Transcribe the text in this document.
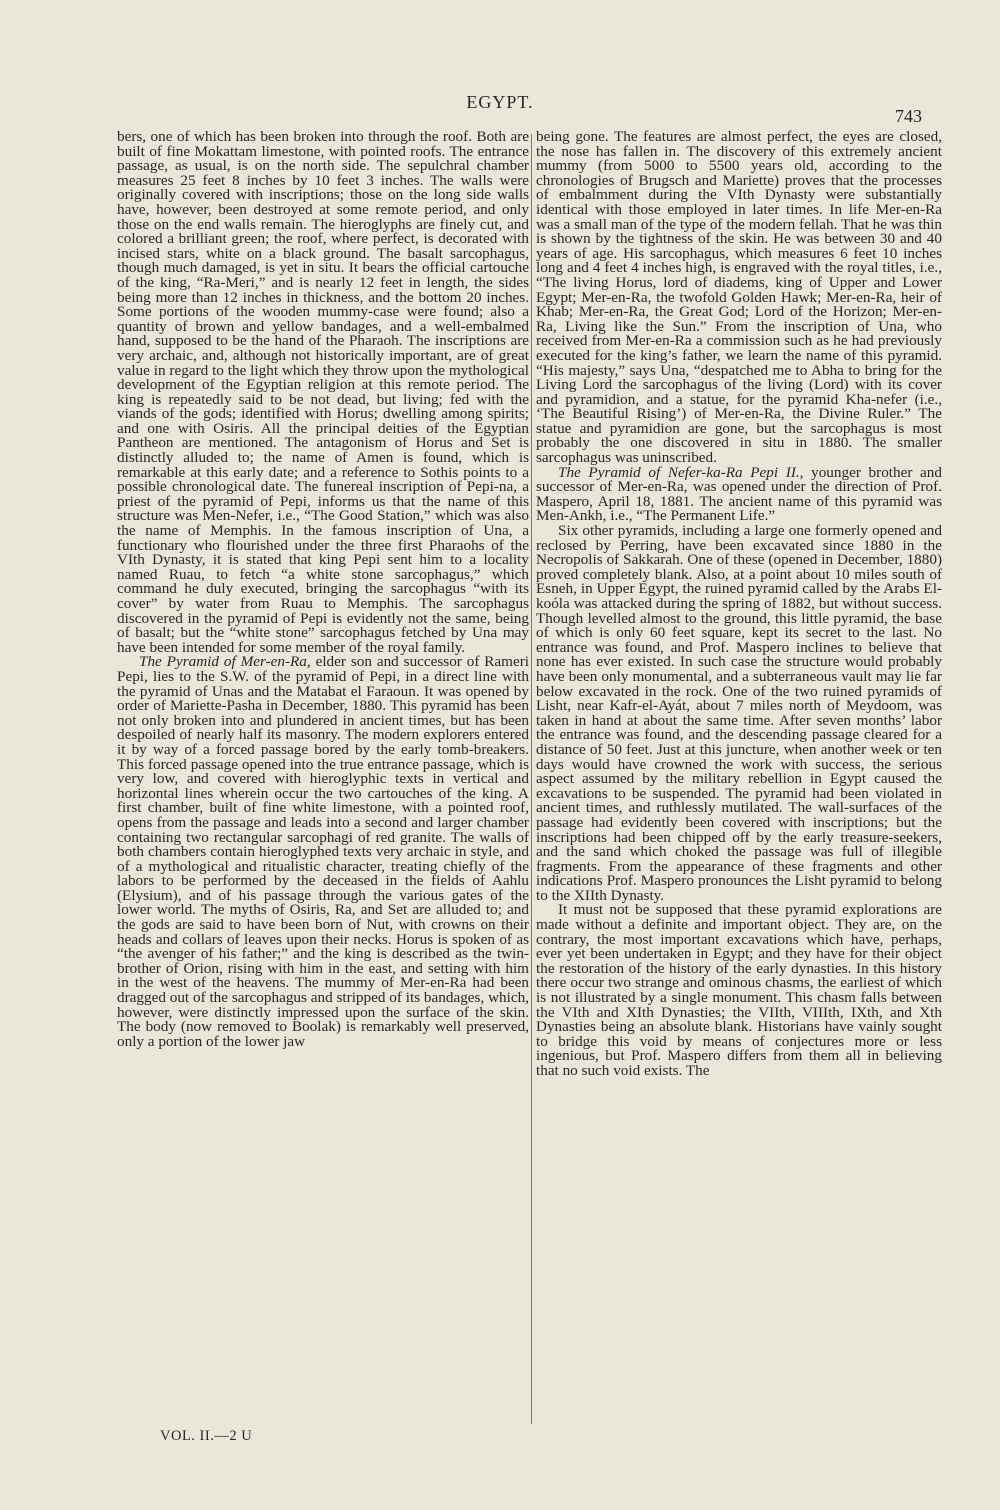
EGYPT.
743

bers, one of which has been broken into through the roof. Both are built of fine Mokattam limestone, with pointed roofs. The entrance passage, as usual, is on the north side. The sepulchral chamber measures 25 feet 8 inches by 10 feet 3 inches. The walls were originally covered with inscriptions; those on the long side walls have, however, been destroyed at some remote period, and only those on the end walls remain. The hieroglyphs are finely cut, and colored a brilliant green; the roof, where perfect, is decorated with incised stars, white on a black ground. The basalt sarcophagus, though much damaged, is yet in situ. It bears the official cartouche of the king, “Ra-Meri,” and is nearly 12 feet in length, the sides being more than 12 inches in thickness, and the bottom 20 inches. Some portions of the wooden mummy-case were found; also a quantity of brown and yellow bandages, and a well-embalmed hand, supposed to be the hand of the Pharaoh. The inscriptions are very archaic, and, although not historically important, are of great value in regard to the light which they throw upon the mythological development of the Egyptian religion at this remote period. The king is repeatedly said to be not dead, but living; fed with the viands of the gods; identified with Horus; dwelling among spirits; and one with Osiris. All the principal deities of the Egyptian Pantheon are mentioned. The antagonism of Horus and Set is distinctly alluded to; the name of Amen is found, which is remarkable at this early date; and a reference to Sothis points to a possible chronological date. The funereal inscription of Pepi-na, a priest of the pyramid of Pepi, informs us that the name of this structure was Men-Nefer, i.e., “The Good Station,” which was also the name of Memphis. In the famous inscription of Una, a functionary who flourished under the three first Pharaohs of the VIth Dynasty, it is stated that king Pepi sent him to a locality named Ruau, to fetch “a white stone sarcophagus,” which command he duly executed, bringing the sarcophagus “with its cover” by water from Ruau to Memphis. The sarcophagus discovered in the pyramid of Pepi is evidently not the same, being of basalt; but the “white stone” sarcophagus fetched by Una may have been intended for some member of the royal family.

The Pyramid of Mer-en-Ra, elder son and successor of Rameri Pepi, lies to the S.W. of the pyramid of Pepi, in a direct line with the pyramid of Unas and the Matabat el Faraoun. It was opened by order of Mariette-Pasha in December, 1880. This pyramid has been not only broken into and plundered in ancient times, but has been despoiled of nearly half its masonry. The modern explorers entered it by way of a forced passage bored by the early tomb-breakers. This forced passage opened into the true entrance passage, which is very low, and covered with hieroglyphic texts in vertical and horizontal lines wherein occur the two cartouches of the king. A first chamber, built of fine white limestone, with a pointed roof, opens from the passage and leads into a second and larger chamber containing two rectangular sarcophagi of red granite. The walls of both chambers contain hieroglyphed texts very archaic in style, and of a mythological and ritualistic character, treating chiefly of the labors to be performed by the deceased in the fields of Aahlu (Elysium), and of his passage through the various gates of the lower world. The myths of Osiris, Ra, and Set are alluded to; and the gods are said to have been born of Nut, with crowns on their heads and collars of leaves upon their necks. Horus is spoken of as “the avenger of his father;” and the king is described as the twin-brother of Orion, rising with him in the east, and setting with him in the west of the heavens. The mummy of Mer-en-Ra had been dragged out of the sarcophagus and stripped of its bandages, which, however, were distinctly impressed upon the surface of the skin. The body (now removed to Boolak) is remarkably well preserved, only a portion of the lower jaw

being gone. The features are almost perfect, the eyes are closed, the nose has fallen in. The discovery of this extremely ancient mummy (from 5000 to 5500 years old, according to the chronologies of Brugsch and Mariette) proves that the processes of embalmment during the VIth Dynasty were substantially identical with those employed in later times. In life Mer-en-Ra was a small man of the type of the modern fellah. That he was thin is shown by the tightness of the skin. He was between 30 and 40 years of age. His sarcophagus, which measures 6 feet 10 inches long and 4 feet 4 inches high, is engraved with the royal titles, i.e., “The living Horus, lord of diadems, king of Upper and Lower Egypt; Mer-en-Ra, the twofold Golden Hawk; Mer-en-Ra, heir of Khab; Mer-en-Ra, the Great God; Lord of the Horizon; Mer-en-Ra, Living like the Sun.” From the inscription of Una, who received from Mer-en-Ra a commission such as he had previously executed for the king’s father, we learn the name of this pyramid. “His majesty,” says Una, “despatched me to Abha to bring for the Living Lord the sarcophagus of the living (Lord) with its cover and pyramidion, and a statue, for the pyramid Kha-nefer (i.e., ‘The Beautiful Rising’) of Mer-en-Ra, the Divine Ruler.” The statue and pyramidion are gone, but the sarcophagus is most probably the one discovered in situ in 1880. The smaller sarcophagus was uninscribed.

The Pyramid of Nefer-ka-Ra Pepi II., younger brother and successor of Mer-en-Ra, was opened under the direction of Prof. Maspero, April 18, 1881. The ancient name of this pyramid was Men-Ankh, i.e., “The Permanent Life.”

Six other pyramids, including a large one formerly opened and reclosed by Perring, have been excavated since 1880 in the Necropolis of Sakkarah. One of these (opened in December, 1880) proved completely blank. Also, at a point about 10 miles south of Esneh, in Upper Egypt, the ruined pyramid called by the Arabs El-koóla was attacked during the spring of 1882, but without success. Though levelled almost to the ground, this little pyramid, the base of which is only 60 feet square, kept its secret to the last. No entrance was found, and Prof. Maspero inclines to believe that none has ever existed. In such case the structure would probably have been only monumental, and a subterraneous vault may lie far below excavated in the rock. One of the two ruined pyramids of Lisht, near Kafr-el-Ayát, about 7 miles north of Meydoom, was taken in hand at about the same time. After seven months’ labor the entrance was found, and the descending passage cleared for a distance of 50 feet. Just at this juncture, when another week or ten days would have crowned the work with success, the serious aspect assumed by the military rebellion in Egypt caused the excavations to be suspended. The pyramid had been violated in ancient times, and ruthlessly mutilated. The wall-surfaces of the passage had evidently been covered with inscriptions; but the inscriptions had been chipped off by the early treasure-seekers, and the sand which choked the passage was full of illegible fragments. From the appearance of these fragments and other indications Prof. Maspero pronounces the Lisht pyramid to belong to the XIIth Dynasty.

It must not be supposed that these pyramid explorations are made without a definite and important object. They are, on the contrary, the most important excavations which have, perhaps, ever yet been undertaken in Egypt; and they have for their object the restoration of the history of the early dynasties. In this history there occur two strange and ominous chasms, the earliest of which is not illustrated by a single monument. This chasm falls between the VIth and XIth Dynasties; the VIIth, VIIIth, IXth, and Xth Dynasties being an absolute blank. Historians have vainly sought to bridge this void by means of conjectures more or less ingenious, but Prof. Maspero differs from them all in believing that no such void exists. The

VOL. II.—2 U
